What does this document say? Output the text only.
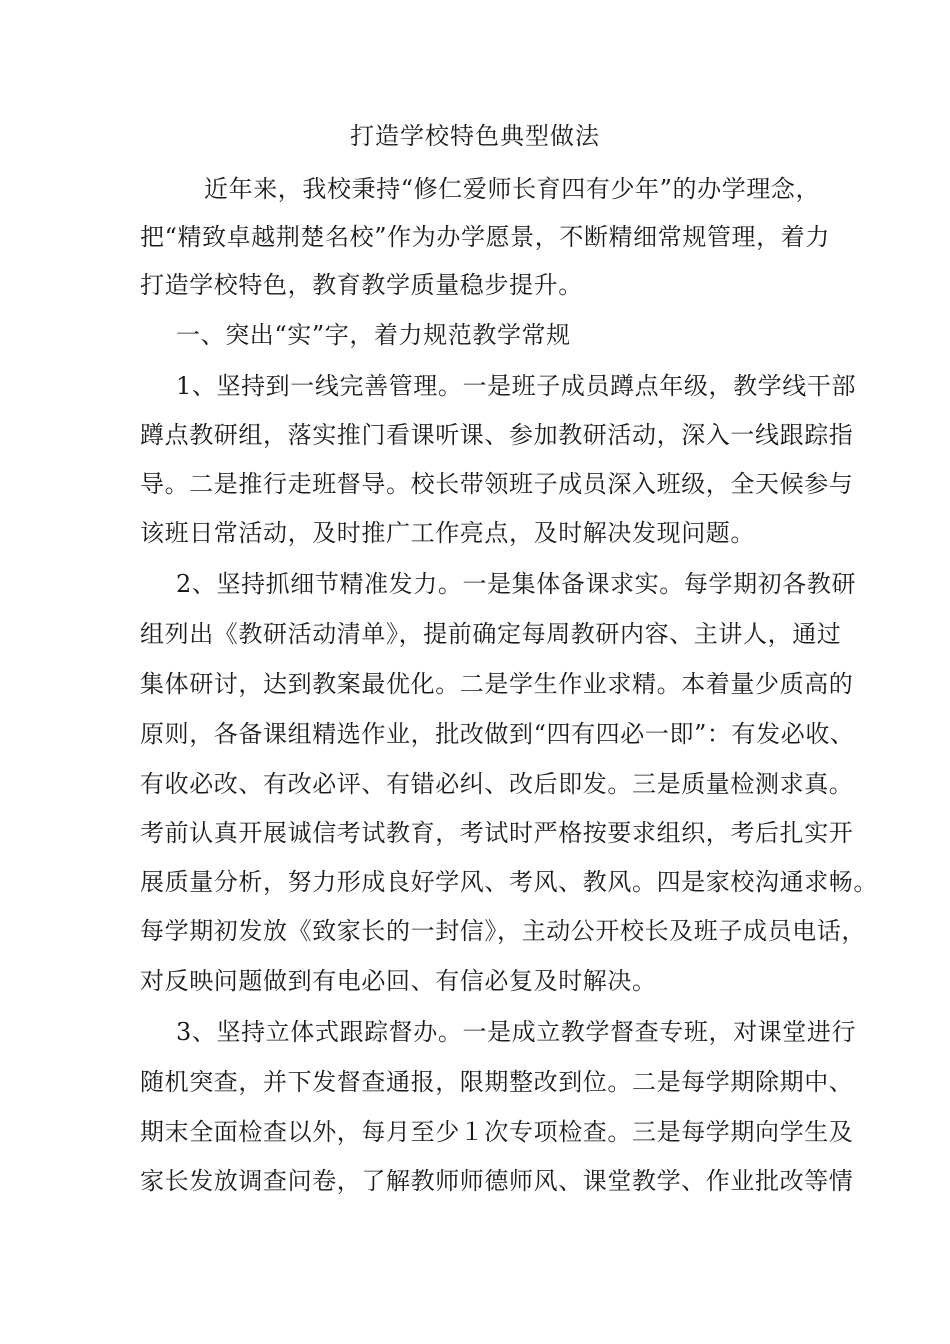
打造学校特色典型做法
近年来，我校秉持“修仁爱师长育四有少年”的办学理念，
把“精致卓越荆楚名校”作为办学愿景，不断精细常规管理，着力
打造学校特色，教育教学质量稳步提升。
一、突出“实”字，着力规范教学常规
1、坚持到一线完善管理。一是班子成员蹲点年级，教学线干部
蹲点教研组，落实推门看课听课、参加教研活动，深入一线跟踪指
导。二是推行走班督导。校长带领班子成员深入班级，全天候参与
该班日常活动，及时推广工作亮点，及时解决发现问题。
2、坚持抓细节精准发力。一是集体备课求实。每学期初各教研
组列出《教研活动清单》，提前确定每周教研内容、主讲人，通过
集体研讨，达到教案最优化。二是学生作业求精。本着量少质高的
原则，各备课组精选作业，批改做到“四有四必一即”：有发必收、
有收必改、有改必评、有错必纠、改后即发。三是质量检测求真。
考前认真开展诚信考试教育，考试时严格按要求组织，考后扎实开
展质量分析，努力形成良好学风、考风、教风。四是家校沟通求畅。
每学期初发放《致家长的一封信》，主动公开校长及班子成员电话，
对反映问题做到有电必回、有信必复及时解决。
3、坚持立体式跟踪督办。一是成立教学督查专班，对课堂进行
随机突查，并下发督查通报，限期整改到位。二是每学期除期中、
期末全面检查以外，每月至少１次专项检查。三是每学期向学生及
家长发放调查问卷，了解教师师德师风、课堂教学、作业批改等情
